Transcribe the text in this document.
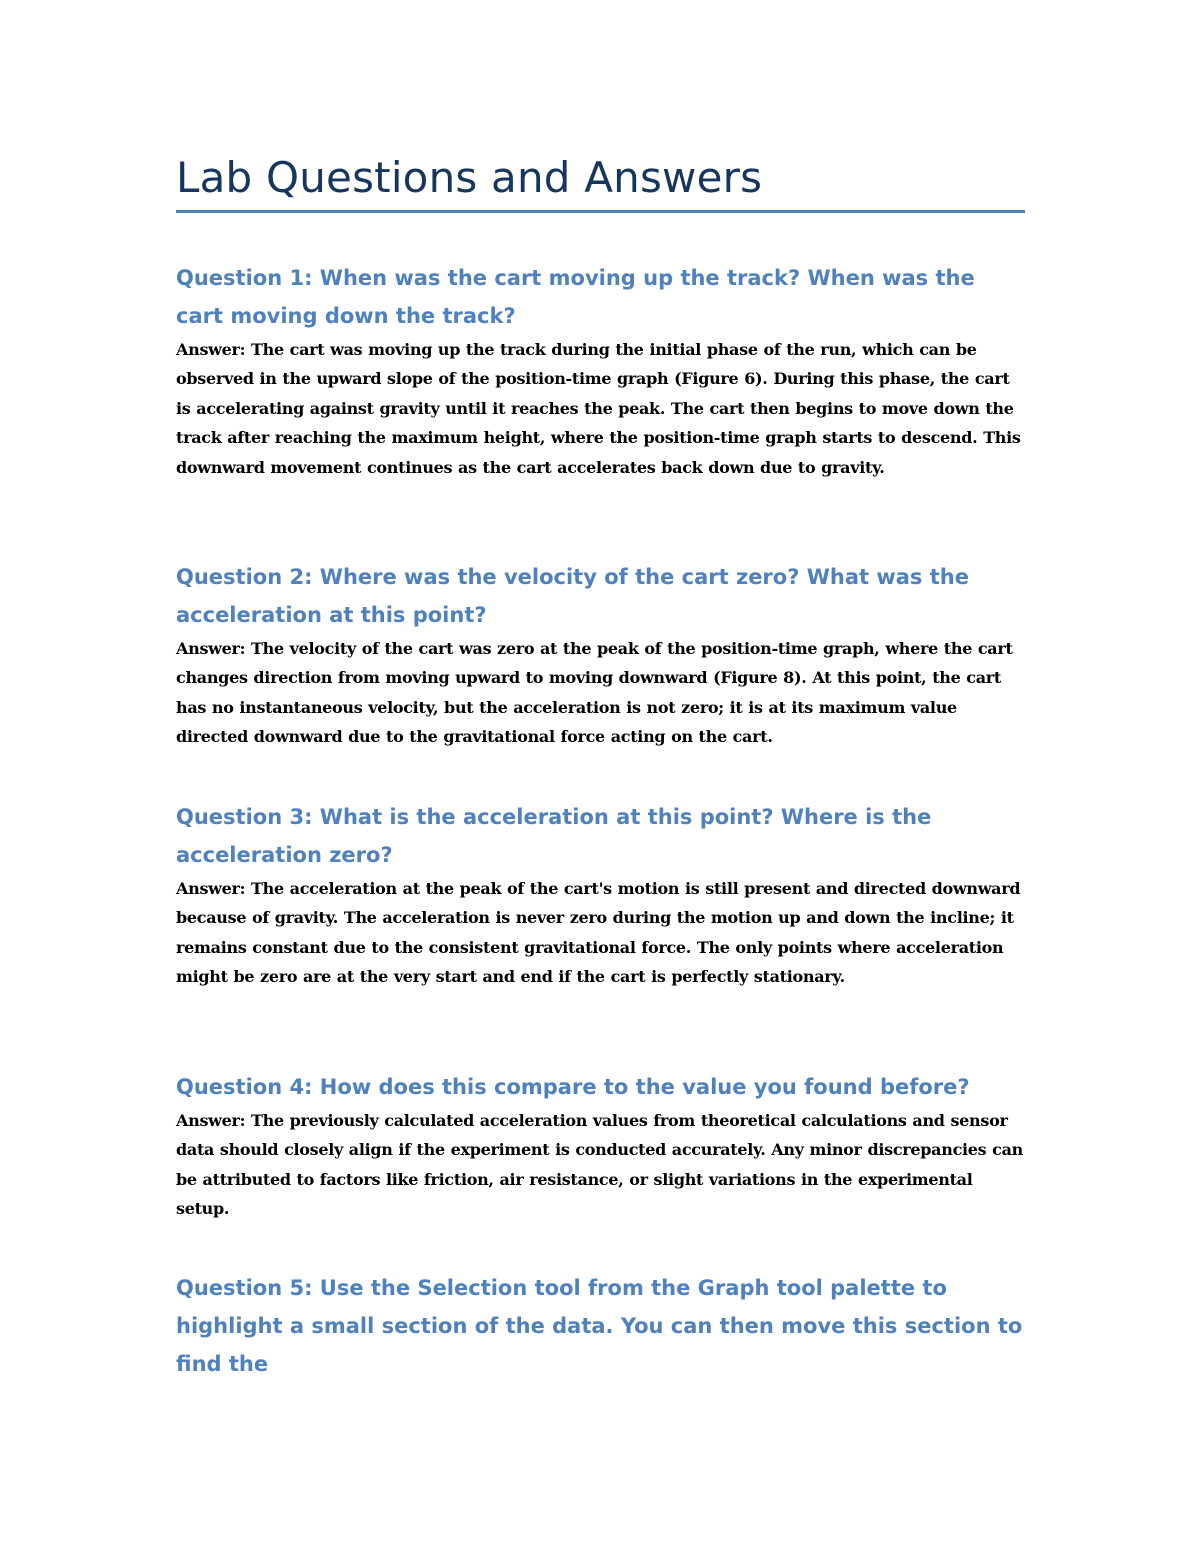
Lab Questions and Answers
Question 1: When was the cart moving up the track? When was the cart moving down the track?

Answer: The cart was moving up the track during the initial phase of the run, which can be observed in the upward slope of the position-time graph (Figure 6). During this phase, the cart is accelerating against gravity until it reaches the peak. The cart then begins to move down the track after reaching the maximum height, where the position-time graph starts to descend. This downward movement continues as the cart accelerates back down due to gravity.

Question 2: Where was the velocity of the cart zero? What was the acceleration at this point?

Answer: The velocity of the cart was zero at the peak of the position-time graph, where the cart changes direction from moving upward to moving downward (Figure 8). At this point, the cart has no instantaneous velocity, but the acceleration is not zero; it is at its maximum value directed downward due to the gravitational force acting on the cart.

Question 3: What is the acceleration at this point? Where is the acceleration zero?

Answer: The acceleration at the peak of the cart's motion is still present and directed downward because of gravity. The acceleration is never zero during the motion up and down the incline; it remains constant due to the consistent gravitational force. The only points where acceleration might be zero are at the very start and end if the cart is perfectly stationary.

Question 4: How does this compare to the value you found before?

Answer: The previously calculated acceleration values from theoretical calculations and sensor data should closely align if the experiment is conducted accurately. Any minor discrepancies can be attributed to factors like friction, air resistance, or slight variations in the experimental setup.

Question 5: Use the Selection tool from the Graph tool palette to highlight a small section of the data. You can then move this section to find the
